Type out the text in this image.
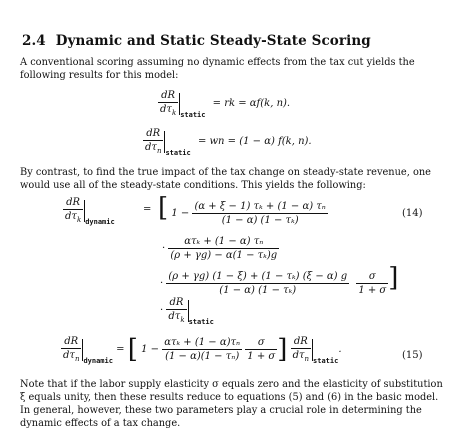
2.4 Dynamic and Static Steady-State Scoring
A conventional scoring assuming no dynamic effects from the tax cut yields the following results for this model:
$\frac{dR}{d\tau_k} _{static}$ = rk = αf(k, n).
$\frac{dR}{d\tau_n} _{static}$ = wn = (1 − α) f(k, n).
By contrast, to find the true impact of the tax change on steady-state revenue, one would use all of the steady-state conditions. This yields the following:
$\frac{dR}{d\tau_k} _{dynamic}$
= [ $1 - \frac{\text{(α + ξ − 1) τₖ + (1 − α) τₙ}}{\text{(1 − α) (1 − τₖ)}}$	(14)
· $\frac{\text{ατₖ + (1 − α) τₙ}}{\text{(ρ + γg) − α(1 − τₖ)g}}$
· $\frac{\text{(ρ + γg) (1 − ξ) + (1 − τₖ) (ξ − α) g}}{\text{(1 − α) (1 − τₖ)}}$
$\frac{\sigma}{1 + \sigma}$ ]
· $\frac{dR}{d\tau_k} _{static}$
$\frac{dR}{d\tau_n} _{dynamic}$ = [ $1 - \frac{\text{ατₖ + (1 − α)τₙ}}{\text{(1 − α)(1 − τₙ)}}$
$\frac{\sigma}{1 + \sigma}$ ] $\frac{dR}{d\tau_n} _{static}$.
(15)
Note that if the labor supply elasticity σ equals zero and the elasticity of substitution ξ equals unity, then these results reduce to equations (5) and (6) in the basic model. In general, however, these two parameters play a crucial role in determining the dynamic effects of a tax change.
